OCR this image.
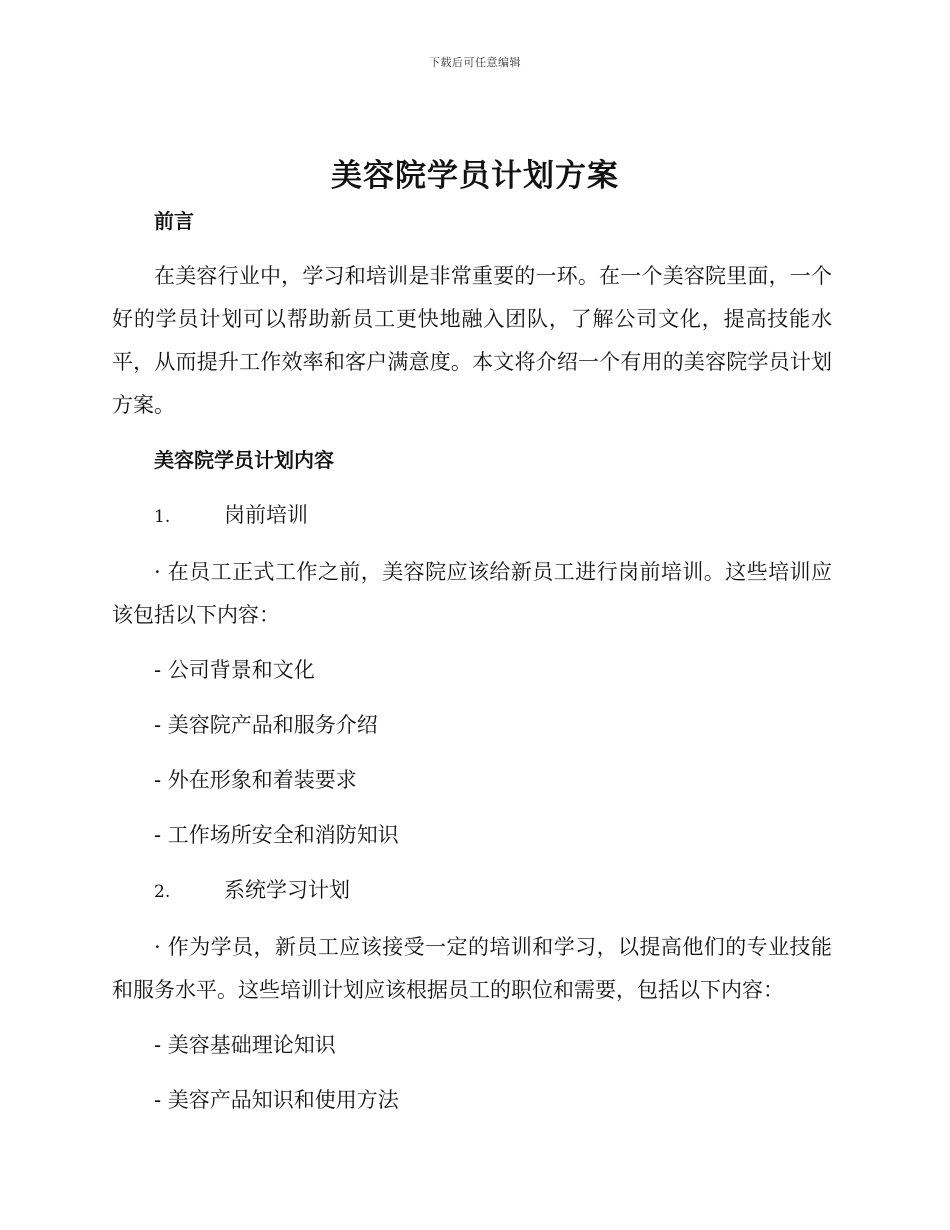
下载后可任意编辑
美容院学员计划方案

前言

在美容行业中，学习和培训是非常重要的一环。在一个美容院里面，一个好的学员计划可以帮助新员工更快地融入团队，了解公司文化，提高技能水平，从而提升工作效率和客户满意度。本文将介绍一个有用的美容院学员计划方案。

美容院学员计划内容

1.	岗前培训

· 在员工正式工作之前，美容院应该给新员工进行岗前培训。这些培训应该包括以下内容：

- 公司背景和文化

- 美容院产品和服务介绍

- 外在形象和着装要求

- 工作场所安全和消防知识

2.	系统学习计划

· 作为学员，新员工应该接受一定的培训和学习，以提高他们的专业技能和服务水平。这些培训计划应该根据员工的职位和需要，包括以下内容：

- 美容基础理论知识

- 美容产品知识和使用方法
